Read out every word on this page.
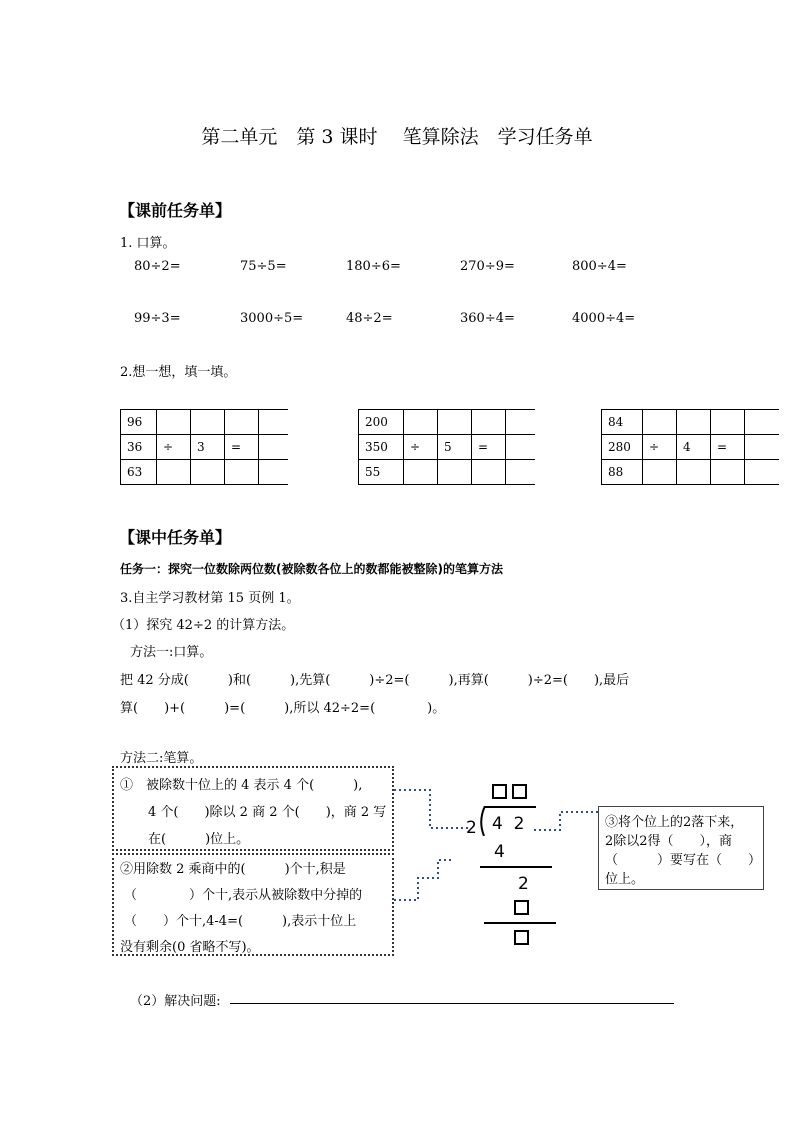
第二单元　第 3 课时　 笔算除法　学习任务单
【课前任务单】
1. 口算。
80÷2=	75÷5=	180÷6=	270÷9=	800÷4=
99÷3=	3000÷5=	48÷2=	360÷4=	4000÷4=
2.想一想，填一填。
96				
36	÷	3	=	
63				
200				
350	÷	5	=	
55				
84				
280	÷	4	=	
88				
【课中任务单】
任务一：探究一位数除两位数(被除数各位上的数都能被整除)的笔算方法
3.自主学习教材第 15 页例 1。
（1）探究 42÷2 的计算方法。
方法一:口算。
把 42 分成(　　　)和(　　　),先算(　　　)÷2=(　　　),再算(　　　)÷2=(　　),最后
算(　　)+(　　　)=(　　　),所以 42÷2=(　　　　)。
方法二:笔算。
①　被除数十位上的 4 表示 4 个(　　　),
4 个(　　)除以 2 商 2 个(　　)，商 2 写
在(　　　)位上。
②用除数 2 乘商中的(　　　)个十,积是
（　　　　）个十,表示从被除数中分掉的
（　　）个十,4-4=(　　　),表示十位上
没有剩余(0 省略不写)。
2 4  2
4
2
③将个位上的2落下来，
2除以2得（　　），商
（　　　）要写在（　　）
位上。
（2）解决问题:
